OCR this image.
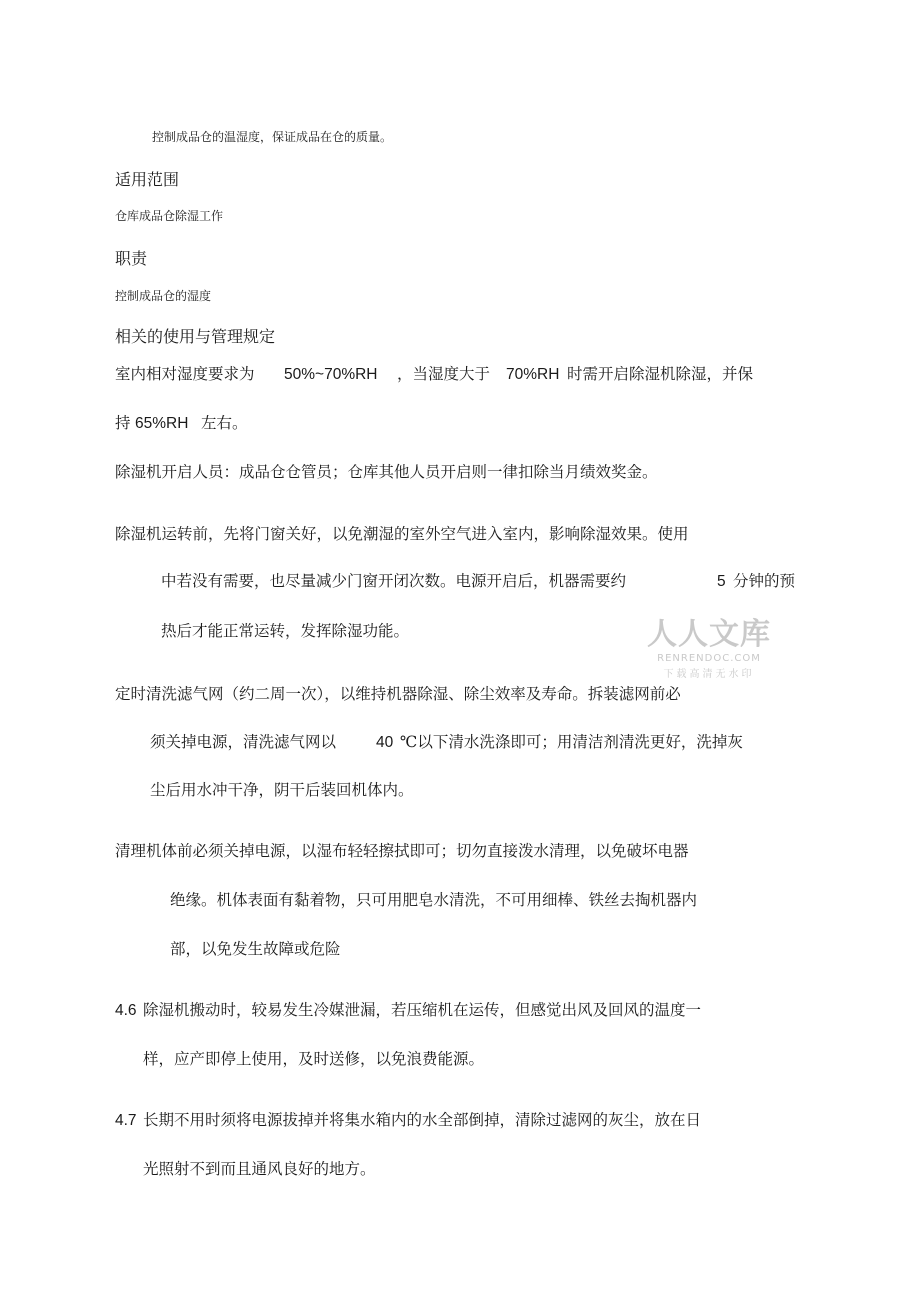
控制成品仓的温湿度，保证成品在仓的质量。
适用范围
仓库成品仓除湿工作
职责
控制成品仓的湿度
相关的使用与管理规定
室内相对湿度要求为 50%~70%RH ，当湿度大于 70%RH 时需开启除湿机除湿，并保
持 65%RH 左右。
除湿机开启人员：成品仓仓管员；仓库其他人员开启则一律扣除当月绩效奖金。
除湿机运转前，先将门窗关好，以免潮湿的室外空气进入室内，影响除湿效果。使用
中若没有需要，也尽量减少门窗开闭次数。电源开启后，机器需要约	5 分钟的预
热后才能正常运转，发挥除湿功能。
定时清洗滤气网（约二周一次），以维持机器除湿、除尘效率及寿命。拆装滤网前必
须关掉电源，清洗滤气网以	40 ℃以下清水洗涤即可；用清洁剂清洗更好，洗掉灰
尘后用水冲干净，阴干后装回机体内。
清理机体前必须关掉电源，以湿布轻轻擦拭即可；切勿直接泼水清理，以免破坏电器
绝缘。机体表面有黏着物，只可用肥皂水清洗，不可用细棒、铁丝去掏机器内
部，以免发生故障或危险
4.6 除湿机搬动时，较易发生冷媒泄漏，若压缩机在运传，但感觉出风及回风的温度一
样，应产即停上使用，及时送修，以免浪费能源。
4.7 长期不用时须将电源拔掉并将集水箱内的水全部倒掉，清除过滤网的灰尘，放在日
光照射不到而且通风良好的地方。
人人文库
RENRENDOC.COM
下载高清无水印
